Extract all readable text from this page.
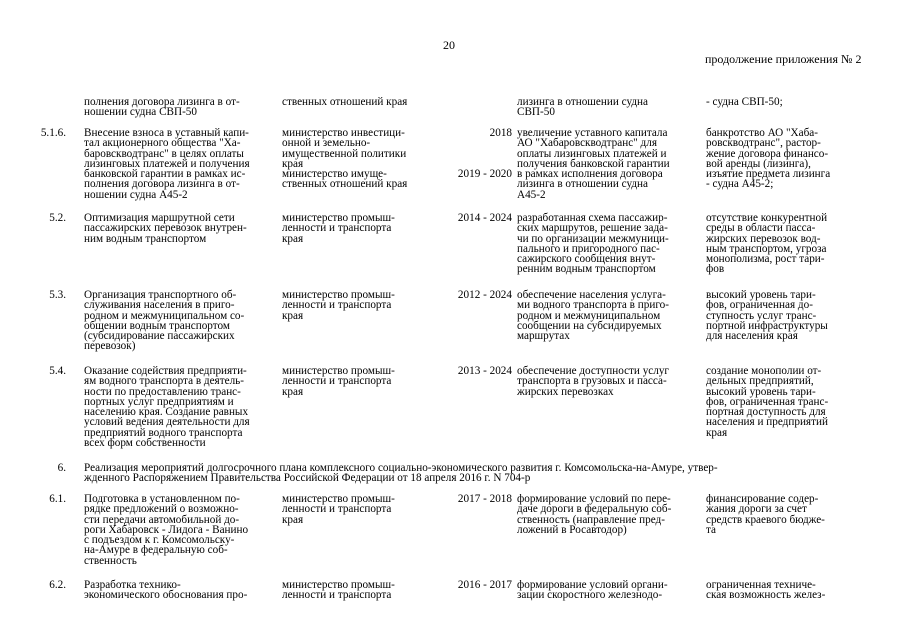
20
продолжение приложения № 2
полнения договора лизинга в от-
ношении судна СВП-50
ственных отношений края	лизинга в отношении судна
СВП-50
- судна СВП-50;
5.1.6. Внесение взноса в уставный капи-
тал акционерного общества "Ха-
баровскводтранс" в целях оплаты
лизинговых платежей и получения
банковской гарантии в рамках ис-
полнения договора лизинга в от-
ношении судна А45-2
министерство инвестици-
онной и земельно-
имущественной политики
края
министерство имуще-
ственных отношений края

2018

2019 - 2020

увеличение уставного капитала
АО "Хабаровскводтранс" для
оплаты лизинговых платежей и
получения банковской гарантии
в рамках исполнения договора
лизинга в отношении судна
А45-2
банкротство АО "Хаба-
ровскводтранс", растор-
жение договора финансо-
вой аренды (лизинга),
изъятие предмета лизинга
- судна А45-2;
5.2. Оптимизация маршрутной сети
пассажирских перевозок внутрен-
ним водным транспортом
министерство промыш-
ленности и транспорта
края
2014 - 2024 разработанная схема пассажир-
ских маршрутов, решение зада-
чи по организации межмуници-
пального и пригородного пас-
сажирского сообщения внут-
ренним водным транспортом
отсутствие конкурентной
среды в области пасса-
жирских перевозок вод-
ным транспортом, угроза
монополизма, рост тари-
фов
5.3. Организация транспортного об-
служивания населения в приго-
родном и межмуниципальном со-
общении водным транспортом
(субсидирование пассажирских
перевозок)
министерство промыш-
ленности и транспорта
края
2012 - 2024 обеспечение населения услуга-
ми водного транспорта в приго-
родном и межмуниципальном
сообщении на субсидируемых
маршрутах
высокий уровень тари-
фов, ограниченная до-
ступность услуг транс-
портной инфраструктуры
для населения края
5.4. Оказание содействия предприяти-
ям водного транспорта в деятель-
ности по предоставлению транс-
портных услуг предприятиям и
населению края. Создание равных
условий ведения деятельности для
предприятий водного транспорта
всех форм собственности
министерство промыш-
ленности и транспорта
края
2013 - 2024 обеспечение доступности услуг
транспорта в грузовых и пасса-
жирских перевозках
создание монополии от-
дельных предприятий,
высокий уровень тари-
фов, ограниченная транс-
портная доступность для
населения и предприятий
края
6. Реализация мероприятий долгосрочного плана комплексного социально-экономического развития г. Комсомольска-на-Амуре, утвер-
жденного Распоряжением Правительства Российской Федерации от 18 апреля 2016 г. N 704-р
6.1. Подготовка в установленном по-
рядке предложений о возможно-
сти передачи автомобильной до-
роги Хабаровск - Лидога - Ванино
с подъездом к г. Комсомольску-
на-Амуре в федеральную соб-
ственность
министерство промыш-
ленности и транспорта
края
2017 - 2018 формирование условий по пере-
даче дороги в федеральную соб-
ственность (направление пред-
ложений в Росавтодор)
финансирование содер-
жания дороги за счет
средств краевого бюдже-
та
6.2. Разработка технико-
экономического обоснования про-
министерство промыш-
ленности и транспорта
2016 - 2017 формирование условий органи-
зации скоростного железнодо-
ограниченная техниче-
ская возможность желез-
